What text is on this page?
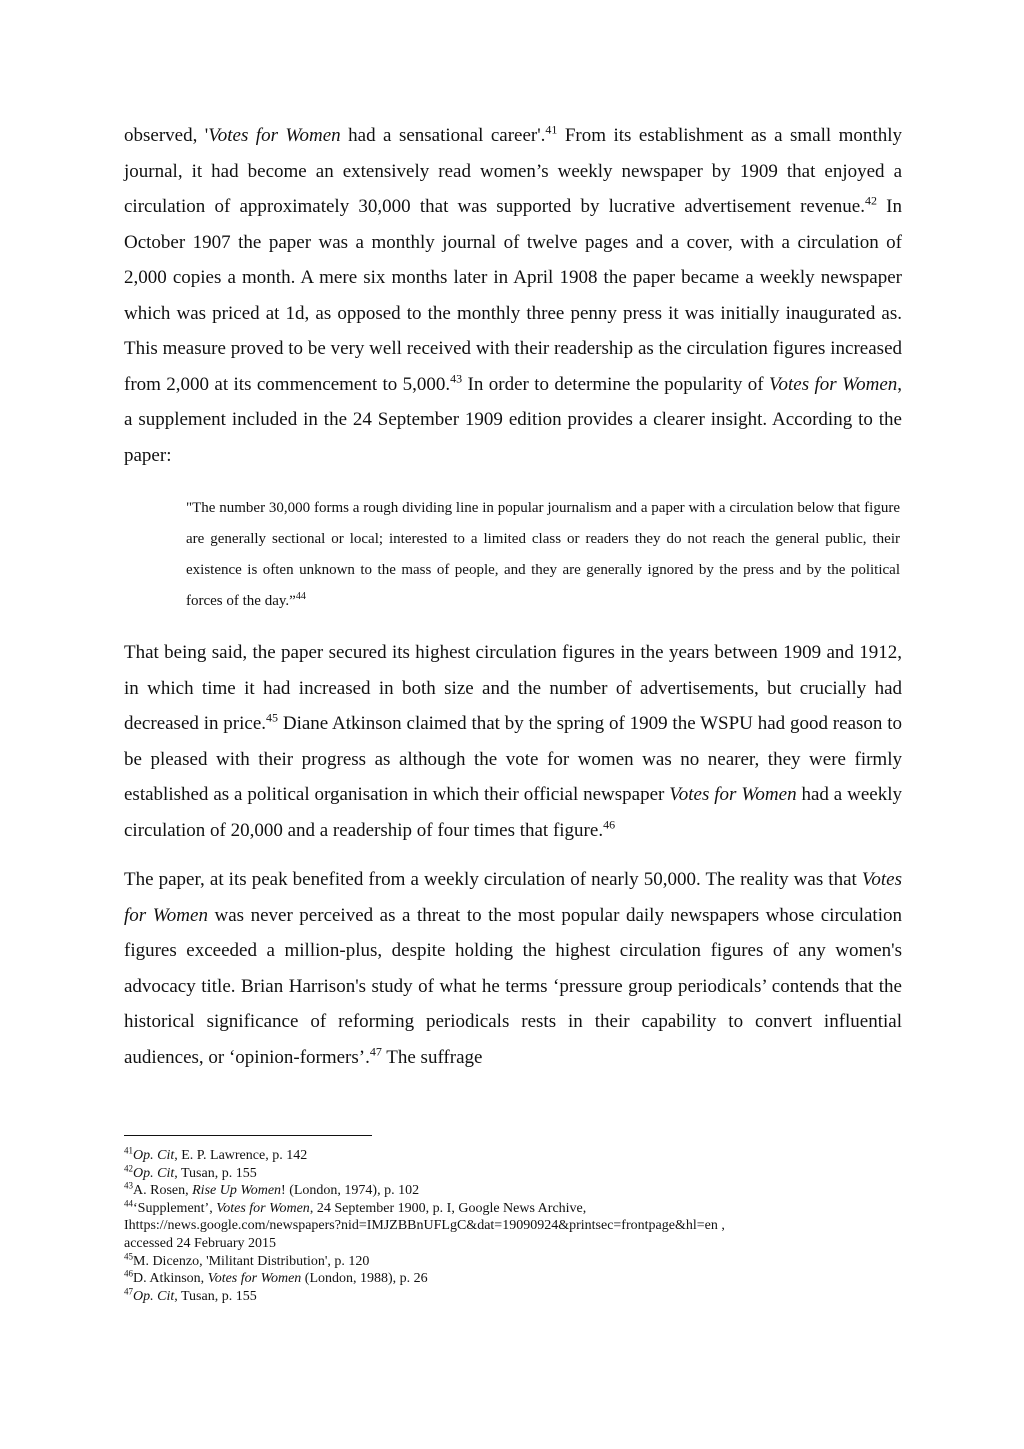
observed, 'Votes for Women had a sensational career'.$^{41}$ From its establishment as a small monthly journal, it had become an extensively read women’s weekly newspaper by 1909 that enjoyed a circulation of approximately 30,000 that was supported by lucrative advertisement revenue.$^{42}$ In October 1907 the paper was a monthly journal of twelve pages and a cover, with a circulation of 2,000 copies a month. A mere six months later in April 1908 the paper became a weekly newspaper which was priced at 1d, as opposed to the monthly three penny press it was initially inaugurated as. This measure proved to be very well received with their readership as the circulation figures increased from 2,000 at its commencement to 5,000.43 In order to determine the popularity of Votes for Women, a supplement included in the 24 September 1909 edition provides a clearer insight. According to the paper:

"The number 30,000 forms a rough dividing line in popular journalism and a paper with a circulation below that figure are generally sectional or local; interested to a limited class or readers they do not reach the general public, their existence is often unknown to the mass of people, and they are generally ignored by the press and by the political forces of the day.”$^{44}$

That being said, the paper secured its highest circulation figures in the years between 1909 and 1912, in which time it had increased in both size and the number of advertisements, but crucially had decreased in price.$^{45}$ Diane Atkinson claimed that by the spring of 1909 the WSPU had good reason to be pleased with their progress as although the vote for women was no nearer, they were firmly established as a political organisation in which their official newspaper Votes for Women had a weekly circulation of 20,000 and a readership of four times that figure.$^{46}$

The paper, at its peak benefited from a weekly circulation of nearly 50,000. The reality was that Votes for Women was never perceived as a threat to the most popular daily newspapers whose circulation figures exceeded a million-plus, despite holding the highest circulation figures of any women's advocacy title. Brian Harrison's study of what he terms ‘pressure group periodicals’ contends that the historical significance of reforming periodicals rests in their capability to convert influential audiences, or ‘opinion-formers’.$^{47}$ The suffrage

$^{41}$Op. Cit, E. P. Lawrence, p. 142

$^{42}$Op. Cit, Tusan, p. 155

$^{43}$A. Rosen, Rise Up Women! (London, 1974), p. 102

$^{44}$‘Supplement’, Votes for Women, 24 September 1900, p. I, Google News Archive,

Ihttps://news.google.com/newspapers?nid=IMJZBBnUFLgC&dat=19090924&printsec=frontpage&hl=en ,

accessed 24 February 2015

$^{45}$M. Dicenzo, 'Militant Distribution', p. 120

$^{46}$D. Atkinson, Votes for Women (London, 1988), p. 26

$^{47}$Op. Cit, Tusan, p. 155
